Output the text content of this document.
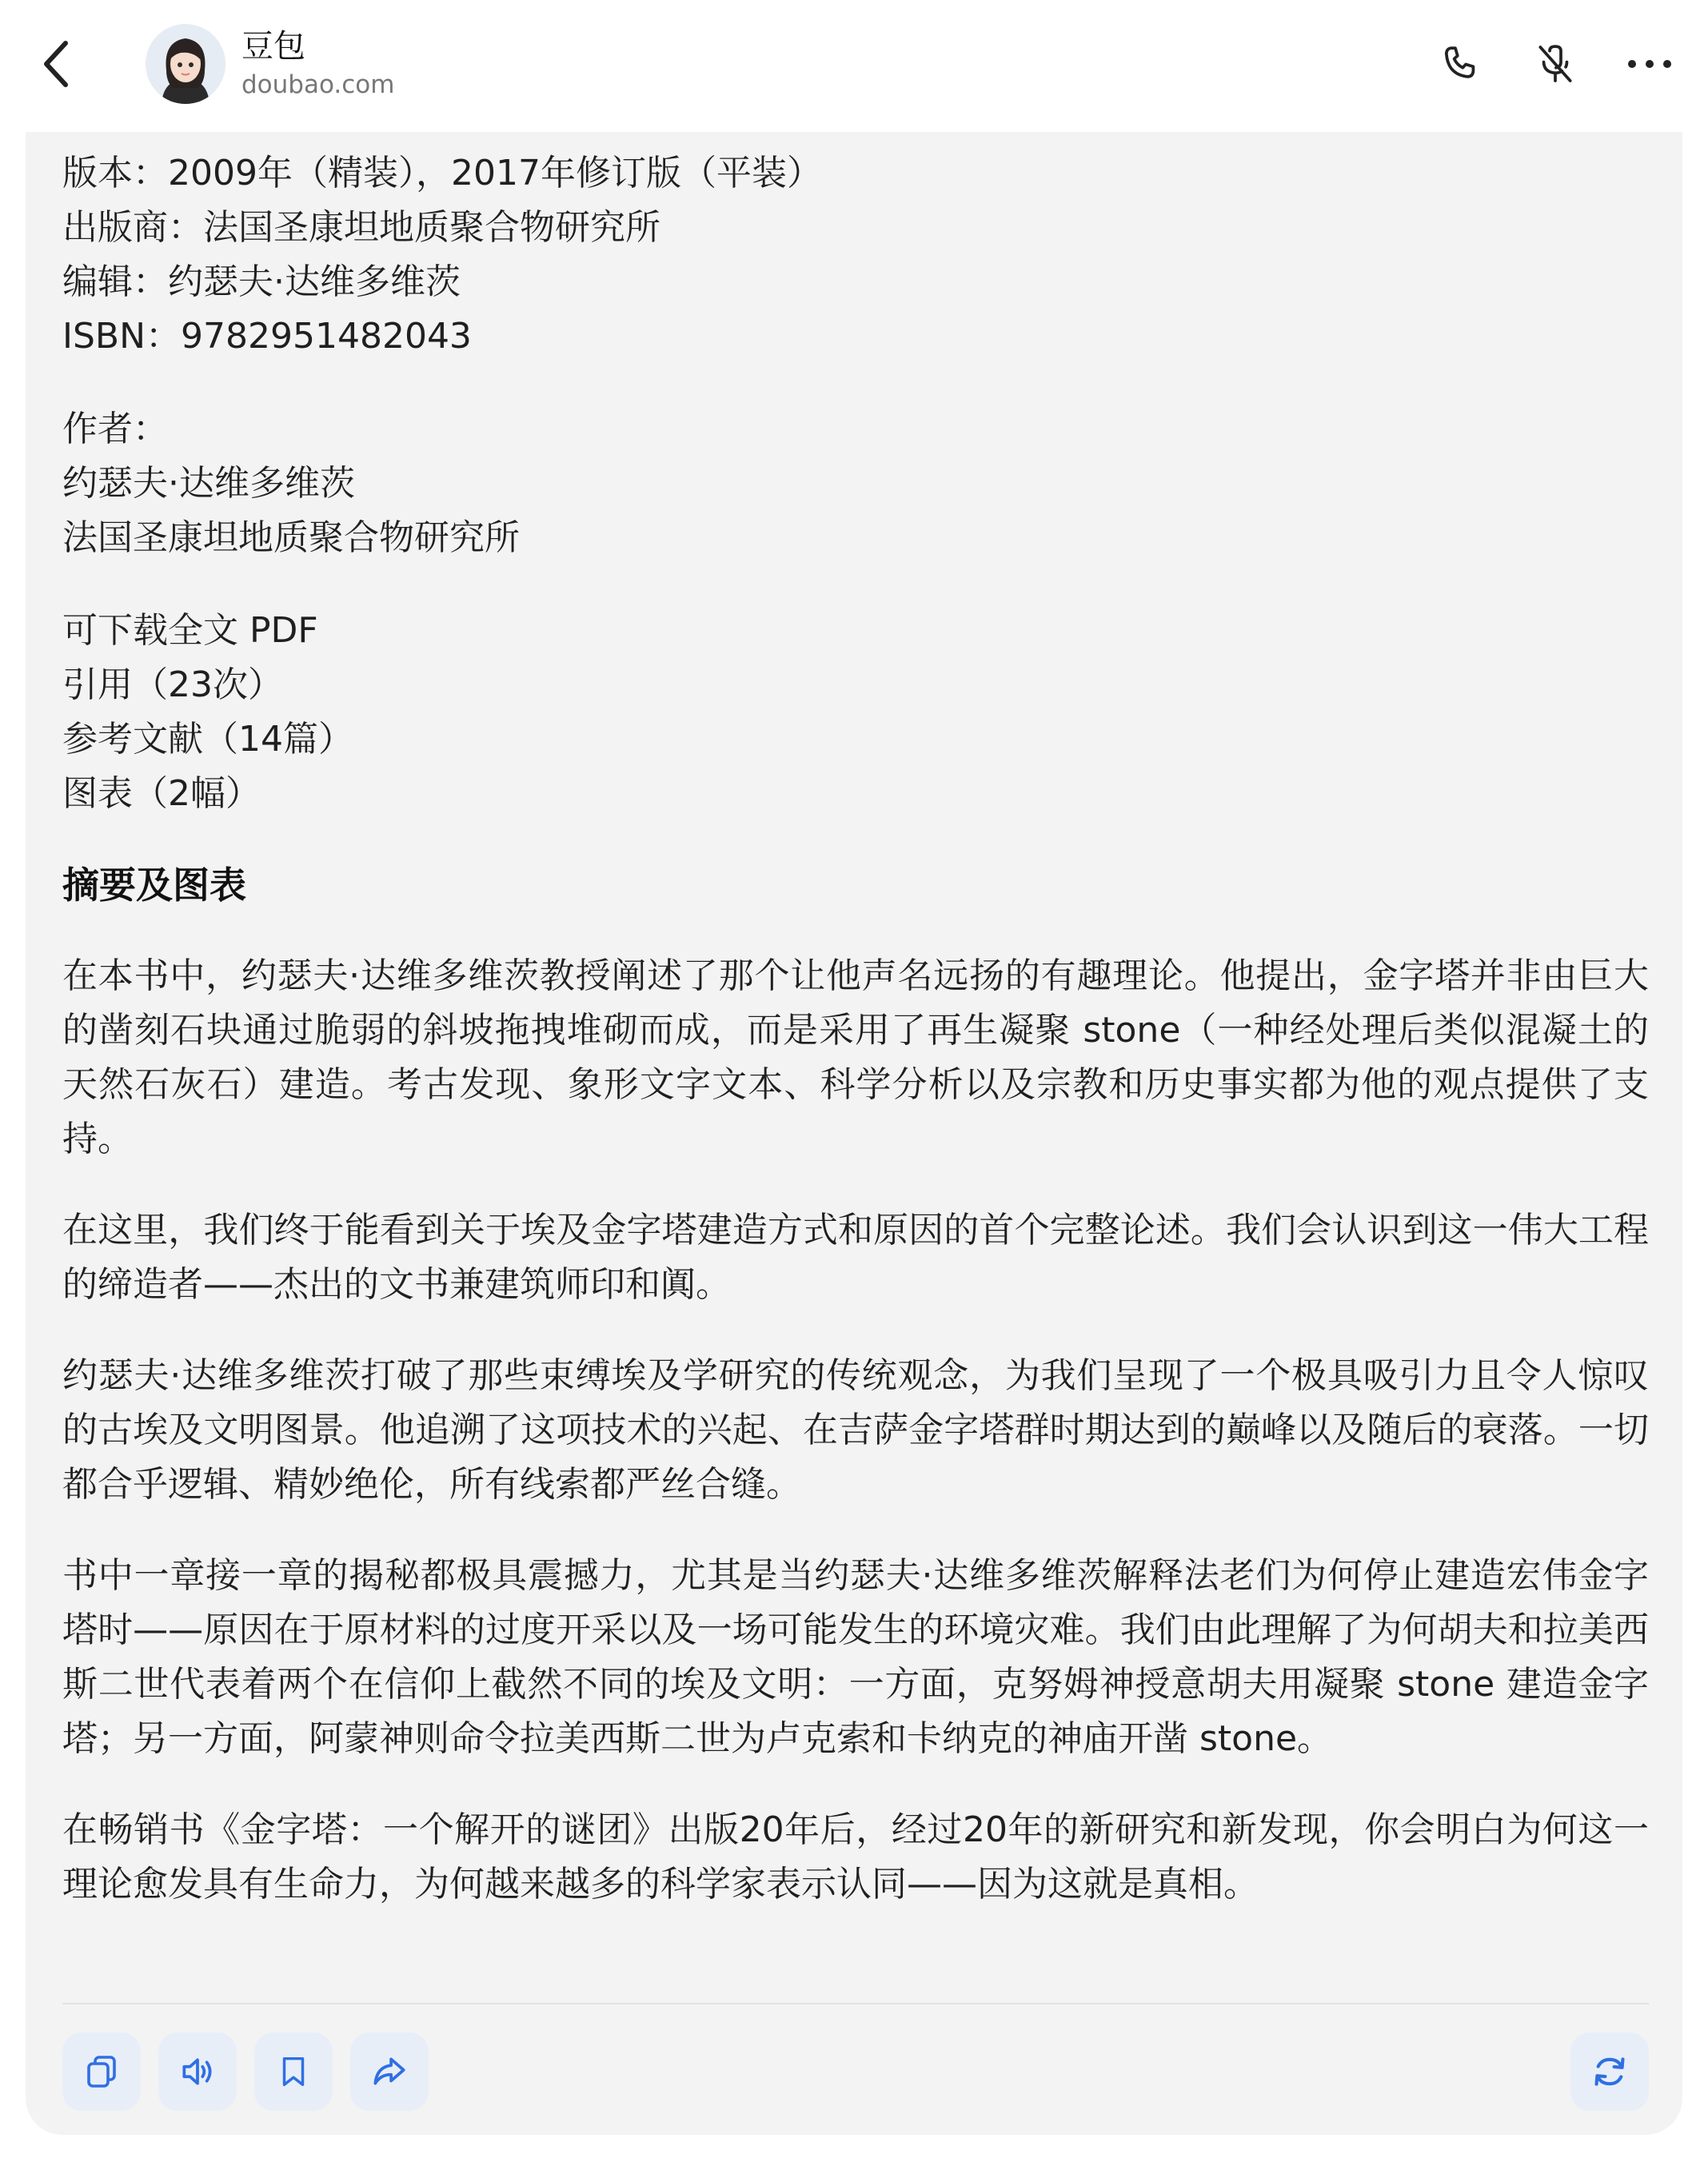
豆包
doubao.com
版本：2009年（精装），2017年修订版（平装）
出版商：法国圣康坦地质聚合物研究所
编辑：约瑟夫·达维多维茨
ISBN：9782951482043
作者：
约瑟夫·达维多维茨
法国圣康坦地质聚合物研究所
可下载全文 PDF
引用（23次）
参考文献（14篇）
图表（2幅）
摘要及图表
在本书中，约瑟夫·达维多维茨教授阐述了那个让他声名远扬的有趣理论。他提出，金字塔并非由巨大的凿刻石块通过脆弱的斜坡拖拽堆砌而成，而是采用了再生凝聚 stone（一种经处理后类似混凝土的天然石灰石）建造。考古发现、象形文字文本、科学分析以及宗教和历史事实都为他的观点提供了支持。
在这里，我们终于能看到关于埃及金字塔建造方式和原因的首个完整论述。我们会认识到这一伟大工程的缔造者——杰出的文书兼建筑师印和阗。
约瑟夫·达维多维茨打破了那些束缚埃及学研究的传统观念，为我们呈现了一个极具吸引力且令人惊叹的古埃及文明图景。他追溯了这项技术的兴起、在吉萨金字塔群时期达到的巅峰以及随后的衰落。一切都合乎逻辑、精妙绝伦，所有线索都严丝合缝。
书中一章接一章的揭秘都极具震撼力，尤其是当约瑟夫·达维多维茨解释法老们为何停止建造宏伟金字塔时——原因在于原材料的过度开采以及一场可能发生的环境灾难。我们由此理解了为何胡夫和拉美西斯二世代表着两个在信仰上截然不同的埃及文明：一方面，克努姆神授意胡夫用凝聚 stone 建造金字塔；另一方面，阿蒙神则命令拉美西斯二世为卢克索和卡纳克的神庙开凿 stone。
在畅销书《金字塔：一个解开的谜团》出版20年后，经过20年的新研究和新发现，你会明白为何这一理论愈发具有生命力，为何越来越多的科学家表示认同——因为这就是真相。
